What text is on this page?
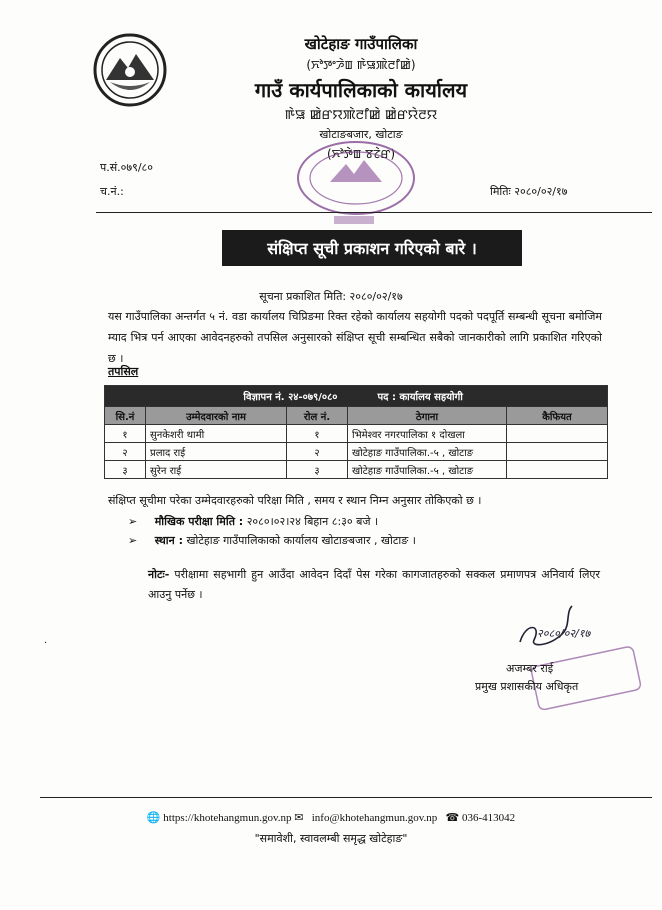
खोटेहाङ गाउँपालिका
(ꯈꯣꯇꯦꯍꯥꯡ ꯒꯥꯎꯄꯥꯂꯤꯀꯥ)
गाउँ कार्यपालिकाको कार्यालय
ꯒꯥꯎ ꯀꯥꯔꯌꯄꯥꯂꯤꯀꯥ ꯀꯥꯔꯌꯥꯂꯌ
खोटाङबजार, खोटाङ
(ꯈꯣꯇꯥꯡ ꯕꯖꯥꯔ)
प.सं.०७९/८०
च.नं.:	मितिः २०८०/०२/१७
संक्षिप्त सूची प्रकाशन गरिएको बारे ।
सूचना प्रकाशित मिति: २०८०/०२/१७
यस गाउँपालिका अन्तर्गत ५ नं. वडा कार्यालय चिप्रिङमा रिक्त रहेको कार्यालय सहयोगी पदको पदपूर्ति सम्बन्धी सूचना बमोजिम म्याद भित्र पर्न आएका आवेदनहरुको तपसिल अनुसारको संक्षिप्त सूची सम्बन्धित सबैको जानकारीको लागि प्रकाशित गरिएको छ ।
तपसिल
विज्ञापन नं. २४-०७९/०८०			पद : कार्यालय सहयोगी	
सि.नं	उम्मेदवारको नाम	रोल नं.	ठेगाना	कैफियत
१	सुनकेशरी थामी	१	भिमेश्वर नगरपालिका १ दोखला	
२	प्रलाद राई	२	खोटेहाङ गाउँपालिका.-५ , खोटाङ	
३	सुरेन राई	३	खोटेहाङ गाउँपालिका.-५ , खोटाङ	
संक्षिप्त सूचीमा परेका उम्मेदवारहरुको परिक्षा मिति , समय र स्थान निम्न अनुसार तोकिएको छ ।
➢ मौखिक परीक्षा मिति : २०८०।०२।२४ बिहान ८:३० बजे ।
➢ स्थान : खोटेहाङ गाउँपालिकाको कार्यालय खोटाङबजार , खोटाङ ।
नोटः- परीक्षामा सहभागी हुन आउँदा आवेदन दिदाँ पेस गरेका कागजातहरुको सक्कल प्रमाणपत्र अनिवार्य लिएर आउनु पर्नेछ ।
२०८०/०२/१७
अजम्बर राई
प्रमुख प्रशासकीय अधिकृत
·
🌐 https://khotehangmun.gov.np ✉ info@khotehangmun.gov.np ☎ 036-413042
"समावेशी, स्वावलम्बी समृद्ध खोटेहाङ"
